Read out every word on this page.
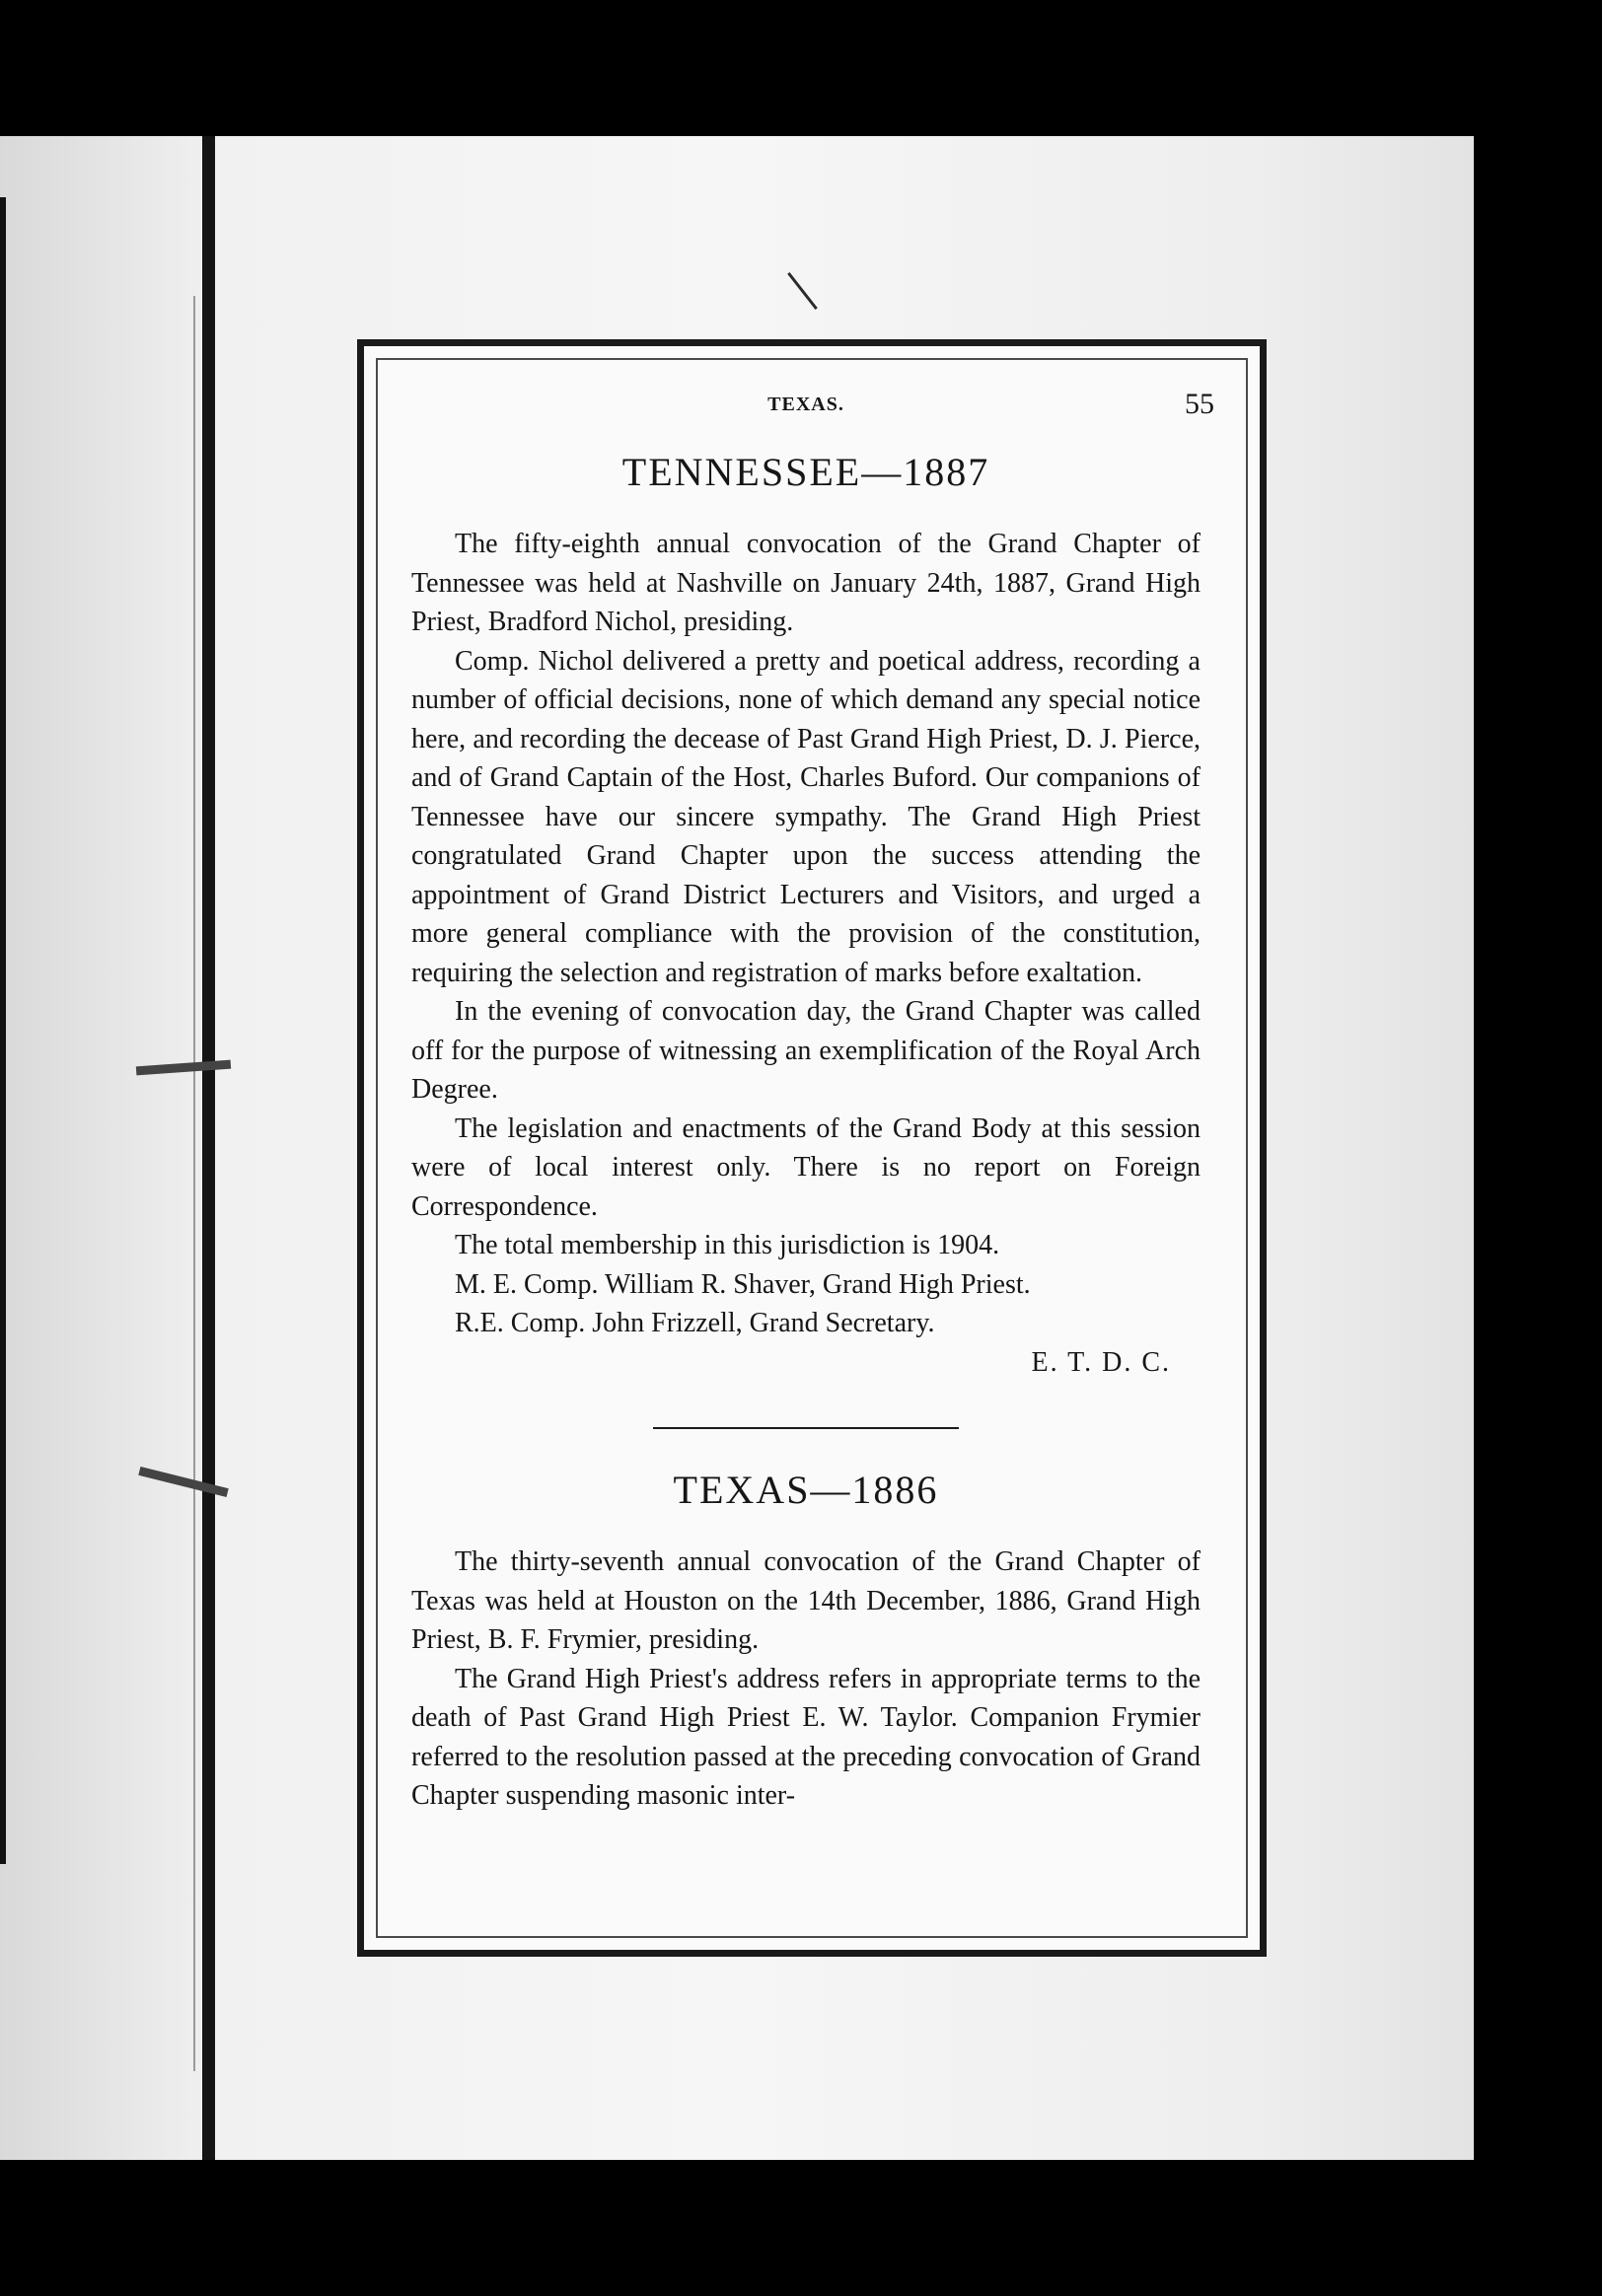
TEXAS.	55
TENNESSEE—1887

The fifty-eighth annual convocation of the Grand Chapter of Tennessee was held at Nashville on January 24th, 1887, Grand High Priest, Bradford Nichol, presiding.

Comp. Nichol delivered a pretty and poetical address, recording a number of official decisions, none of which demand any special notice here, and recording the decease of Past Grand High Priest, D. J. Pierce, and of Grand Captain of the Host, Charles Buford. Our companions of Tennessee have our sincere sympathy. The Grand High Priest congratulated Grand Chapter upon the success attending the appointment of Grand District Lecturers and Visitors, and urged a more general compliance with the provision of the constitution, requiring the selection and registration of marks before exaltation.

In the evening of convocation day, the Grand Chapter was called off for the purpose of witnessing an exemplification of the Royal Arch Degree.

The legislation and enactments of the Grand Body at this session were of local interest only. There is no report on Foreign Correspondence.

The total membership in this jurisdiction is 1904.

M. E. Comp. William R. Shaver, Grand High Priest.

R.E. Comp. John Frizzell, Grand Secretary.

E. T. D. C.

TEXAS—1886

The thirty-seventh annual convocation of the Grand Chapter of Texas was held at Houston on the 14th December, 1886, Grand High Priest, B. F. Frymier, presiding.

The Grand High Priest's address refers in appropriate terms to the death of Past Grand High Priest E. W. Taylor. Companion Frymier referred to the resolution passed at the preceding convocation of Grand Chapter suspending masonic inter-
